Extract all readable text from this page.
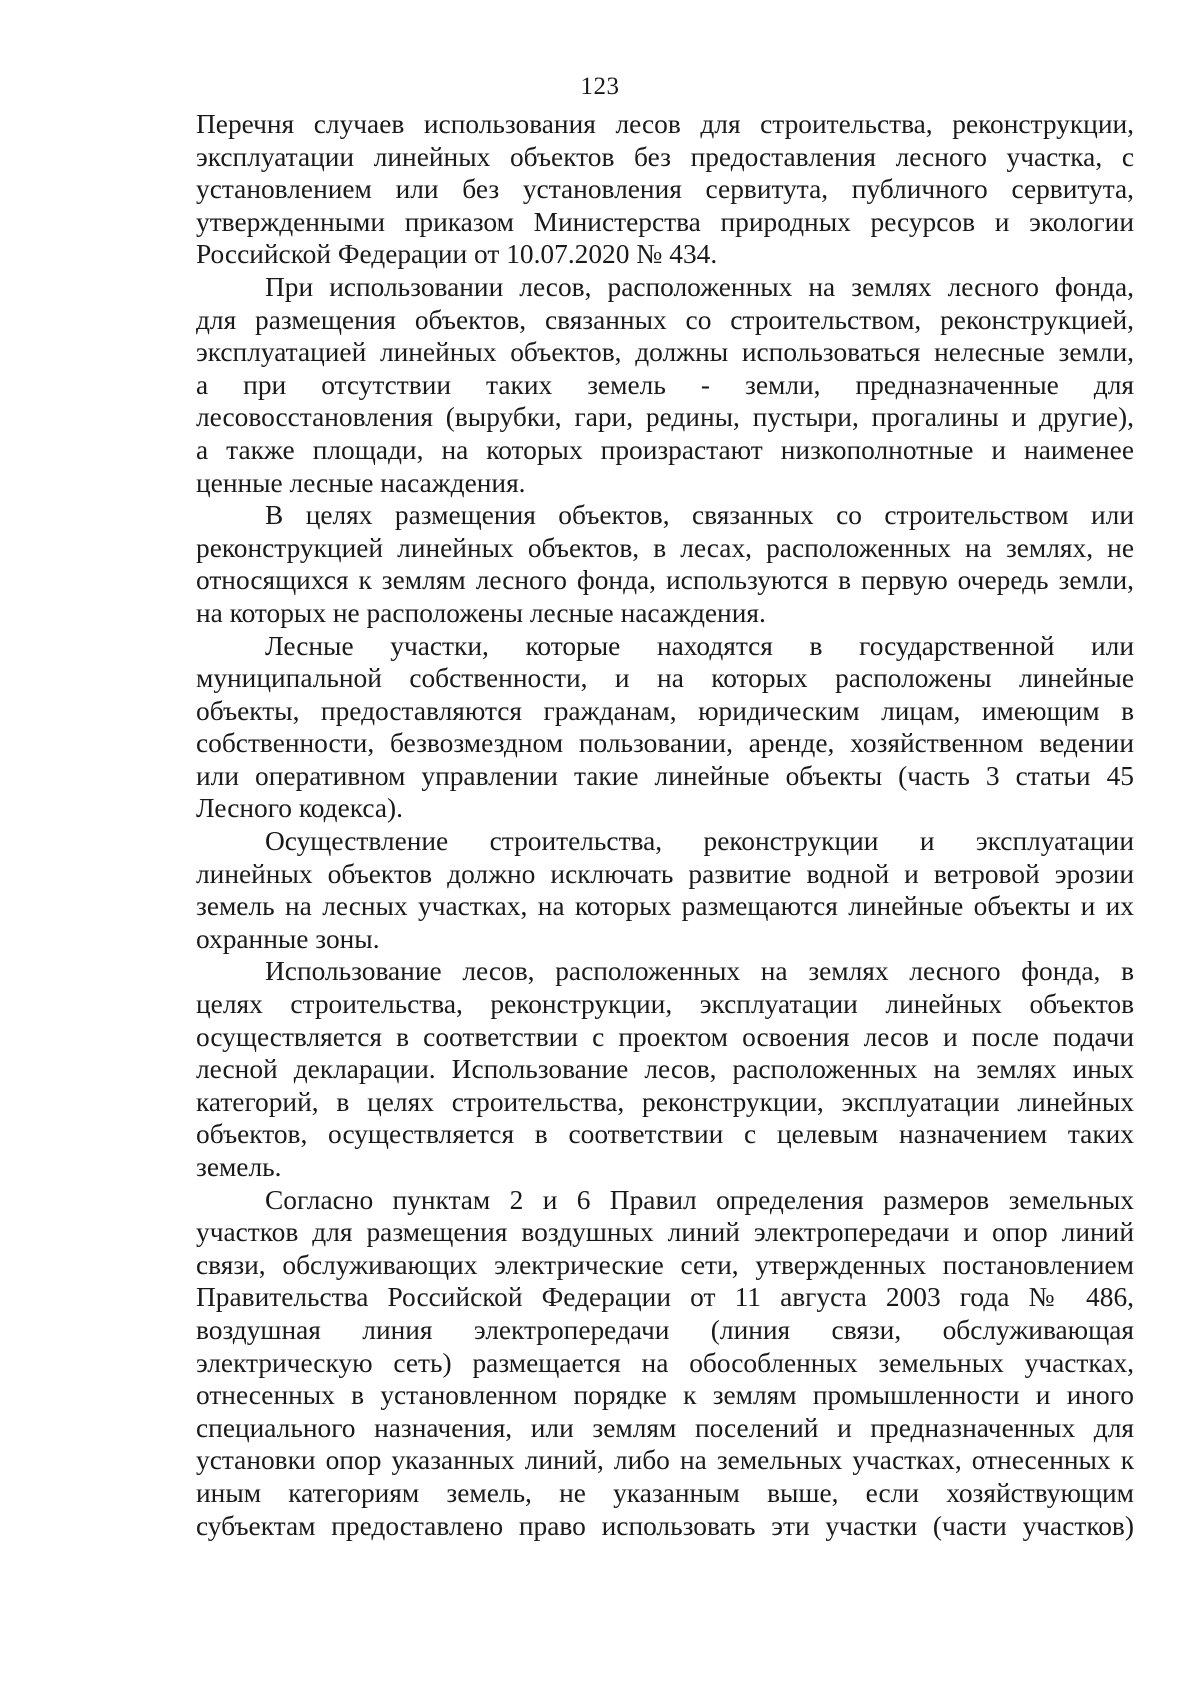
123
Перечня случаев использования лесов для строительства, реконструкции,
эксплуатации линейных объектов без предоставления лесного участка, с
установлением или без установления сервитута, публичного сервитута,
утвержденными приказом Министерства природных ресурсов и экологии
Российской Федерации от 10.07.2020 № 434.
При использовании лесов, расположенных на землях лесного фонда,
для размещения объектов, связанных со строительством, реконструкцией,
эксплуатацией линейных объектов, должны использоваться нелесные земли,
а при отсутствии таких земель - земли, предназначенные для
лесовосстановления (вырубки, гари, редины, пустыри, прогалины и другие),
а также площади, на которых произрастают низкополнотные и наименее
ценные лесные насаждения.
В целях размещения объектов, связанных со строительством или
реконструкцией линейных объектов, в лесах, расположенных на землях, не
относящихся к землям лесного фонда, используются в первую очередь земли,
на которых не расположены лесные насаждения.
Лесные участки, которые находятся в государственной или
муниципальной собственности, и на которых расположены линейные
объекты, предоставляются гражданам, юридическим лицам, имеющим в
собственности, безвозмездном пользовании, аренде, хозяйственном ведении
или оперативном управлении такие линейные объекты (часть 3 статьи 45
Лесного кодекса).
Осуществление строительства, реконструкции и эксплуатации
линейных объектов должно исключать развитие водной и ветровой эрозии
земель на лесных участках, на которых размещаются линейные объекты и их
охранные зоны.
Использование лесов, расположенных на землях лесного фонда, в
целях строительства, реконструкции, эксплуатации линейных объектов
осуществляется в соответствии с проектом освоения лесов и после подачи
лесной декларации. Использование лесов, расположенных на землях иных
категорий, в целях строительства, реконструкции, эксплуатации линейных
объектов, осуществляется в соответствии с целевым назначением таких
земель.
Согласно пунктам 2 и 6 Правил определения размеров земельных
участков для размещения воздушных линий электропередачи и опор линий
связи, обслуживающих электрические сети, утвержденных постановлением
Правительства Российской Федерации от 11 августа 2003 года № 486,
воздушная линия электропередачи (линия связи, обслуживающая
электрическую сеть) размещается на обособленных земельных участках,
отнесенных в установленном порядке к землям промышленности и иного
специального назначения, или землям поселений и предназначенных для
установки опор указанных линий, либо на земельных участках, отнесенных к
иным категориям земель, не указанным выше, если хозяйствующим
субъектам предоставлено право использовать эти участки (части участков)
